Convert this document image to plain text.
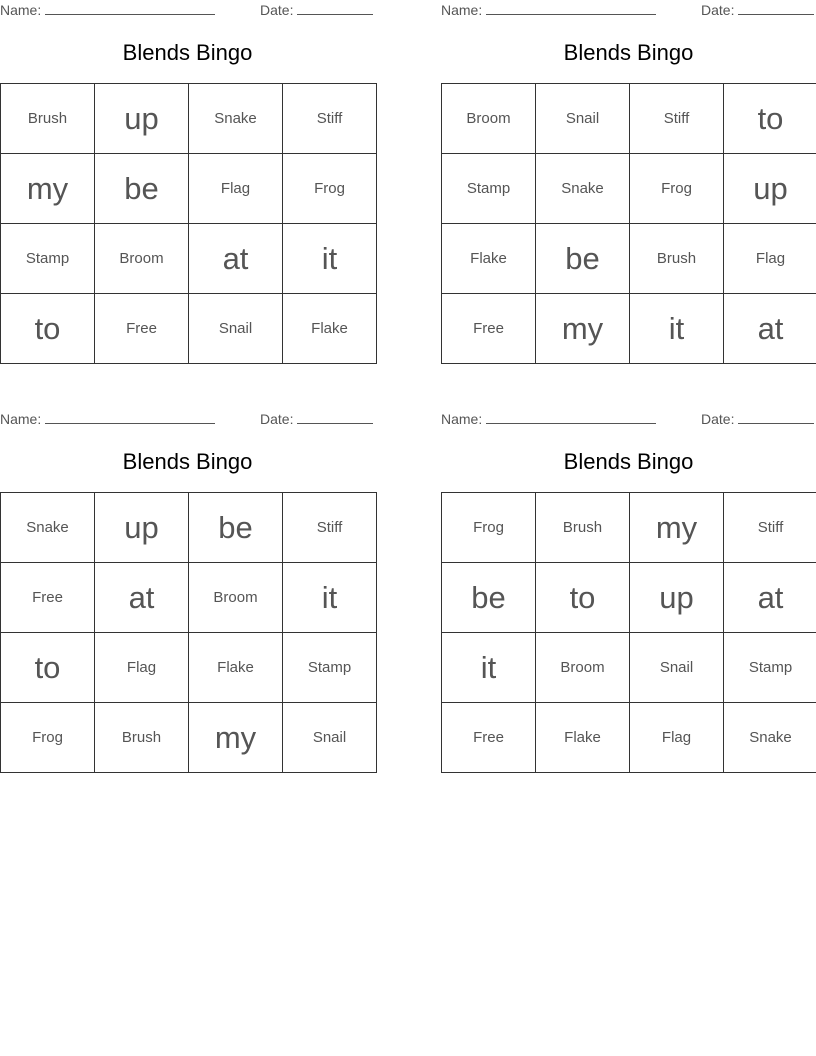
Name:	Date:
Blends Bingo
Brush	up	Snake	Stiff
my	be	Flag	Frog
Stamp	Broom	at	it
to	Free	Snail	Flake
Name:	Date:
Blends Bingo
Broom	Snail	Stiff	to
Stamp	Snake	Frog	up
Flake	be	Brush	Flag
Free	my	it	at
Name:	Date:
Blends Bingo
Snake	up	be	Stiff
Free	at	Broom	it
to	Flag	Flake	Stamp
Frog	Brush	my	Snail
Name:	Date:
Blends Bingo
Frog	Brush	my	Stiff
be	to	up	at
it	Broom	Snail	Stamp
Free	Flake	Flag	Snake
